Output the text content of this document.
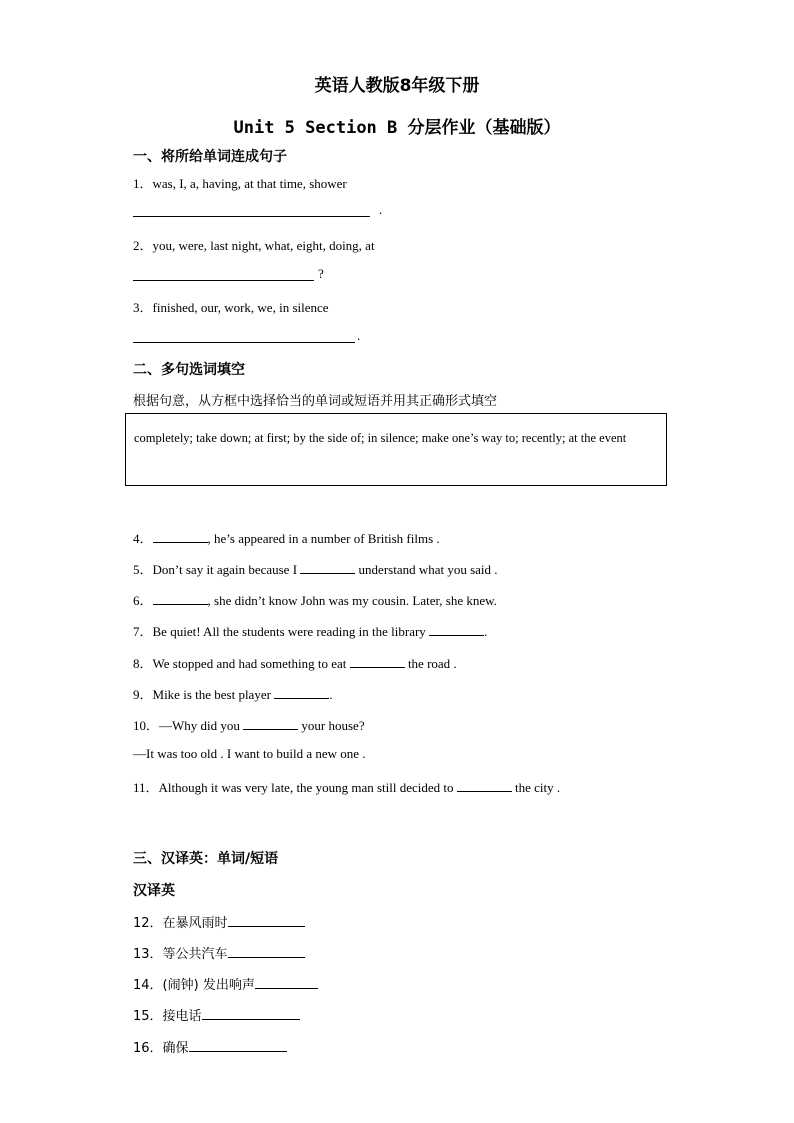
英语人教版8年级下册
Unit 5 Section B 分层作业（基础版）
一、将所给单词连成句子
1．was, I, a, having, at that time, shower
.
2．you, were, last night, what, eight, doing, at
?
3．finished, our, work, we, in silence
.
二、多句选词填空
根据句意，从方框中选择恰当的单词或短语并用其正确形式填空
completely; take down; at first; by the side of; in silence; make one’s way to; recently; at the event
4．	, he’s appeared in a number of British films .
5．Don’t say it again because I	understand what you said .
6．	, she didn’t know John was my cousin. Later, she knew.
7．Be quiet! All the students were reading in the library	.
8．We stopped and had something to eat	the road .
9．Mike is the best player	.
10．—Why did you	your house?
—It was too old . I want to build a new one .
11．Although it was very late, the young man still decided to	the city .
三、汉译英：单词/短语
汉译英
12．在暴风雨时
13．等公共汽车
14．(闹钟) 发出响声
15．接电话
16．确保
